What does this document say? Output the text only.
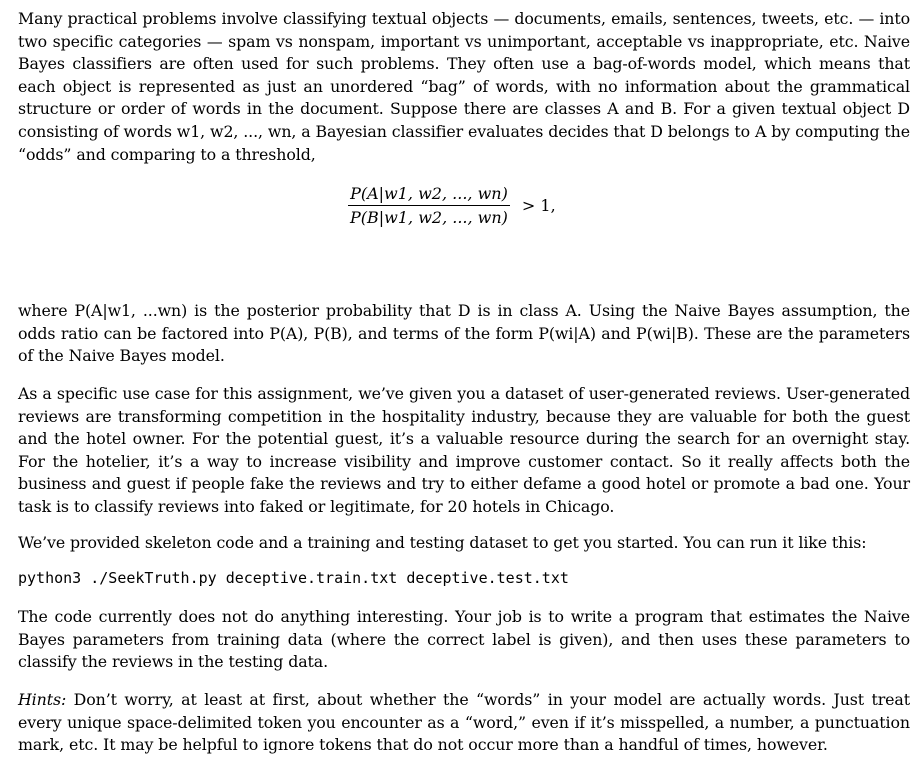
Many practical problems involve classifying textual objects — documents, emails, sentences, tweets, etc. — into two specific categories — spam vs nonspam, important vs unimportant, acceptable vs inappropriate, etc. Naive Bayes classifiers are often used for such problems. They often use a bag-of-words model, which means that each object is represented as just an unordered “bag” of words, with no information about the grammatical structure or order of words in the document. Suppose there are classes A and B. For a given textual object D consisting of words w1, w2, ..., wn, a Bayesian classifier evaluates decides that D belongs to A by computing the “odds” and comparing to a threshold,
$\frac{P(A|w1, w2, ..., wn)}{P(B|w1, w2, ..., wn)} > 1$,
where P(A|w1, ...wn) is the posterior probability that D is in class A. Using the Naive Bayes assumption, the odds ratio can be factored into P(A), P(B), and terms of the form P(wi|A) and P(wi|B). These are the parameters of the Naive Bayes model.
As a specific use case for this assignment, we’ve given you a dataset of user-generated reviews. User-generated reviews are transforming competition in the hospitality industry, because they are valuable for both the guest and the hotel owner. For the potential guest, it’s a valuable resource during the search for an overnight stay. For the hotelier, it’s a way to increase visibility and improve customer contact. So it really affects both the business and guest if people fake the reviews and try to either defame a good hotel or promote a bad one. Your task is to classify reviews into faked or legitimate, for 20 hotels in Chicago.
We’ve provided skeleton code and a training and testing dataset to get you started. You can run it like this:
python3 ./SeekTruth.py deceptive.train.txt deceptive.test.txt
The code currently does not do anything interesting. Your job is to write a program that estimates the Naive Bayes parameters from training data (where the correct label is given), and then uses these parameters to classify the reviews in the testing data.
Hints: Don’t worry, at least at first, about whether the “words” in your model are actually words. Just treat every unique space-delimited token you encounter as a “word,” even if it’s misspelled, a number, a punctuation mark, etc. It may be helpful to ignore tokens that do not occur more than a handful of times, however.
